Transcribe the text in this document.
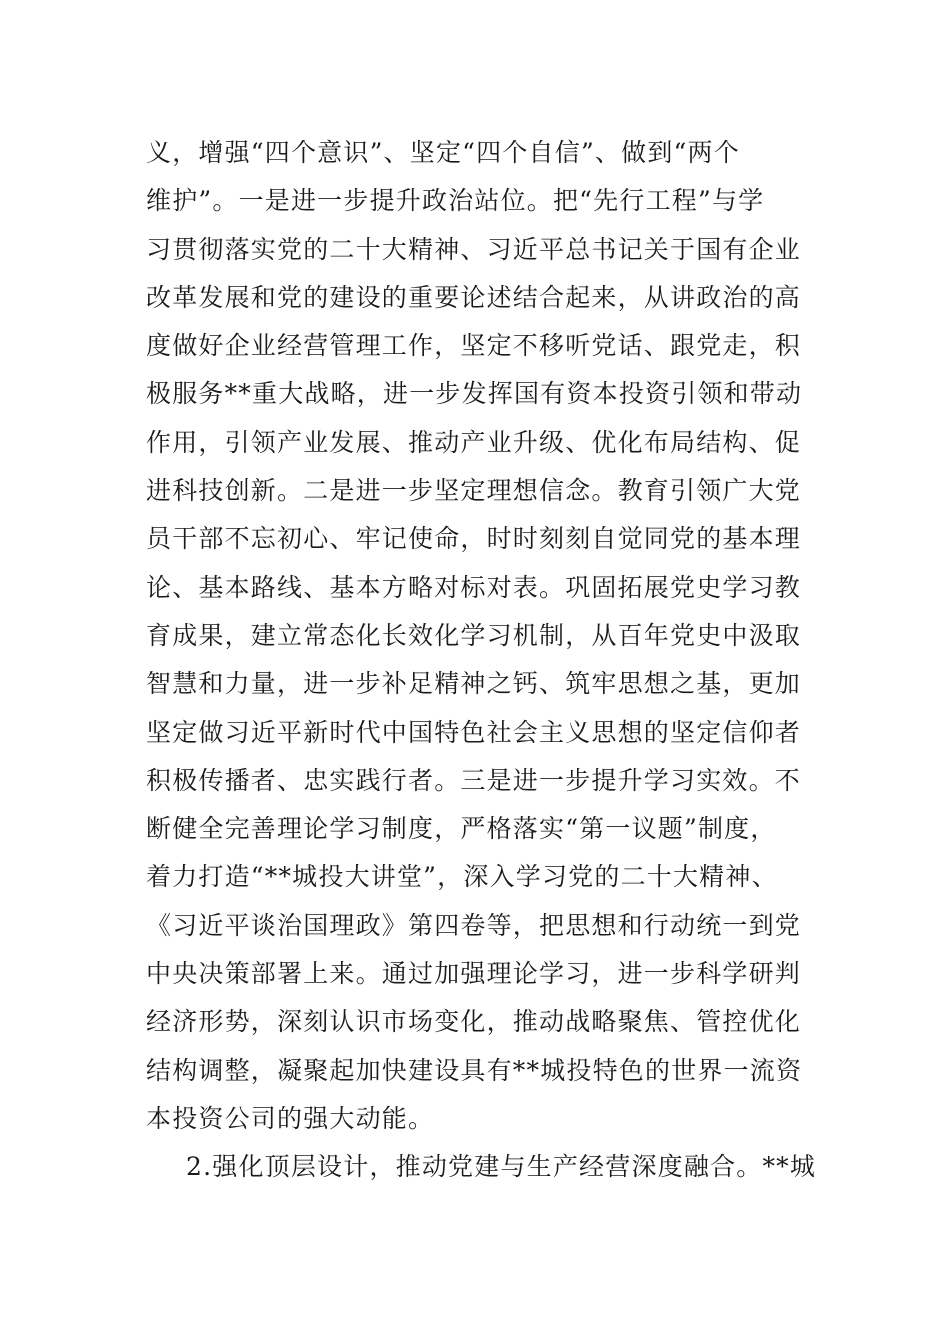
义，增强“四个意识”、坚定“四个自信”、做到“两个
维护”。一是进一步提升政治站位。把“先行工程”与学
习贯彻落实党的二十大精神、习近平总书记关于国有企业
改革发展和党的建设的重要论述结合起来，从讲政治的高
度做好企业经营管理工作，坚定不移听党话、跟党走，积
极服务**重大战略，进一步发挥国有资本投资引领和带动
作用，引领产业发展、推动产业升级、优化布局结构、促
进科技创新。二是进一步坚定理想信念。教育引领广大党
员干部不忘初心、牢记使命，时时刻刻自觉同党的基本理
论、基本路线、基本方略对标对表。巩固拓展党史学习教
育成果，建立常态化长效化学习机制，从百年党史中汲取
智慧和力量，进一步补足精神之钙、筑牢思想之基，更加
坚定做习近平新时代中国特色社会主义思想的坚定信仰者
积极传播者、忠实践行者。三是进一步提升学习实效。不
断健全完善理论学习制度，严格落实“第一议题”制度，
着力打造“**城投大讲堂”，深入学习党的二十大精神、
《习近平谈治国理政》第四卷等，把思想和行动统一到党
中央决策部署上来。通过加强理论学习，进一步科学研判
经济形势，深刻认识市场变化，推动战略聚焦、管控优化
结构调整，凝聚起加快建设具有**城投特色的世界一流资
本投资公司的强大动能。
2.强化顶层设计，推动党建与生产经营深度融合。**城
